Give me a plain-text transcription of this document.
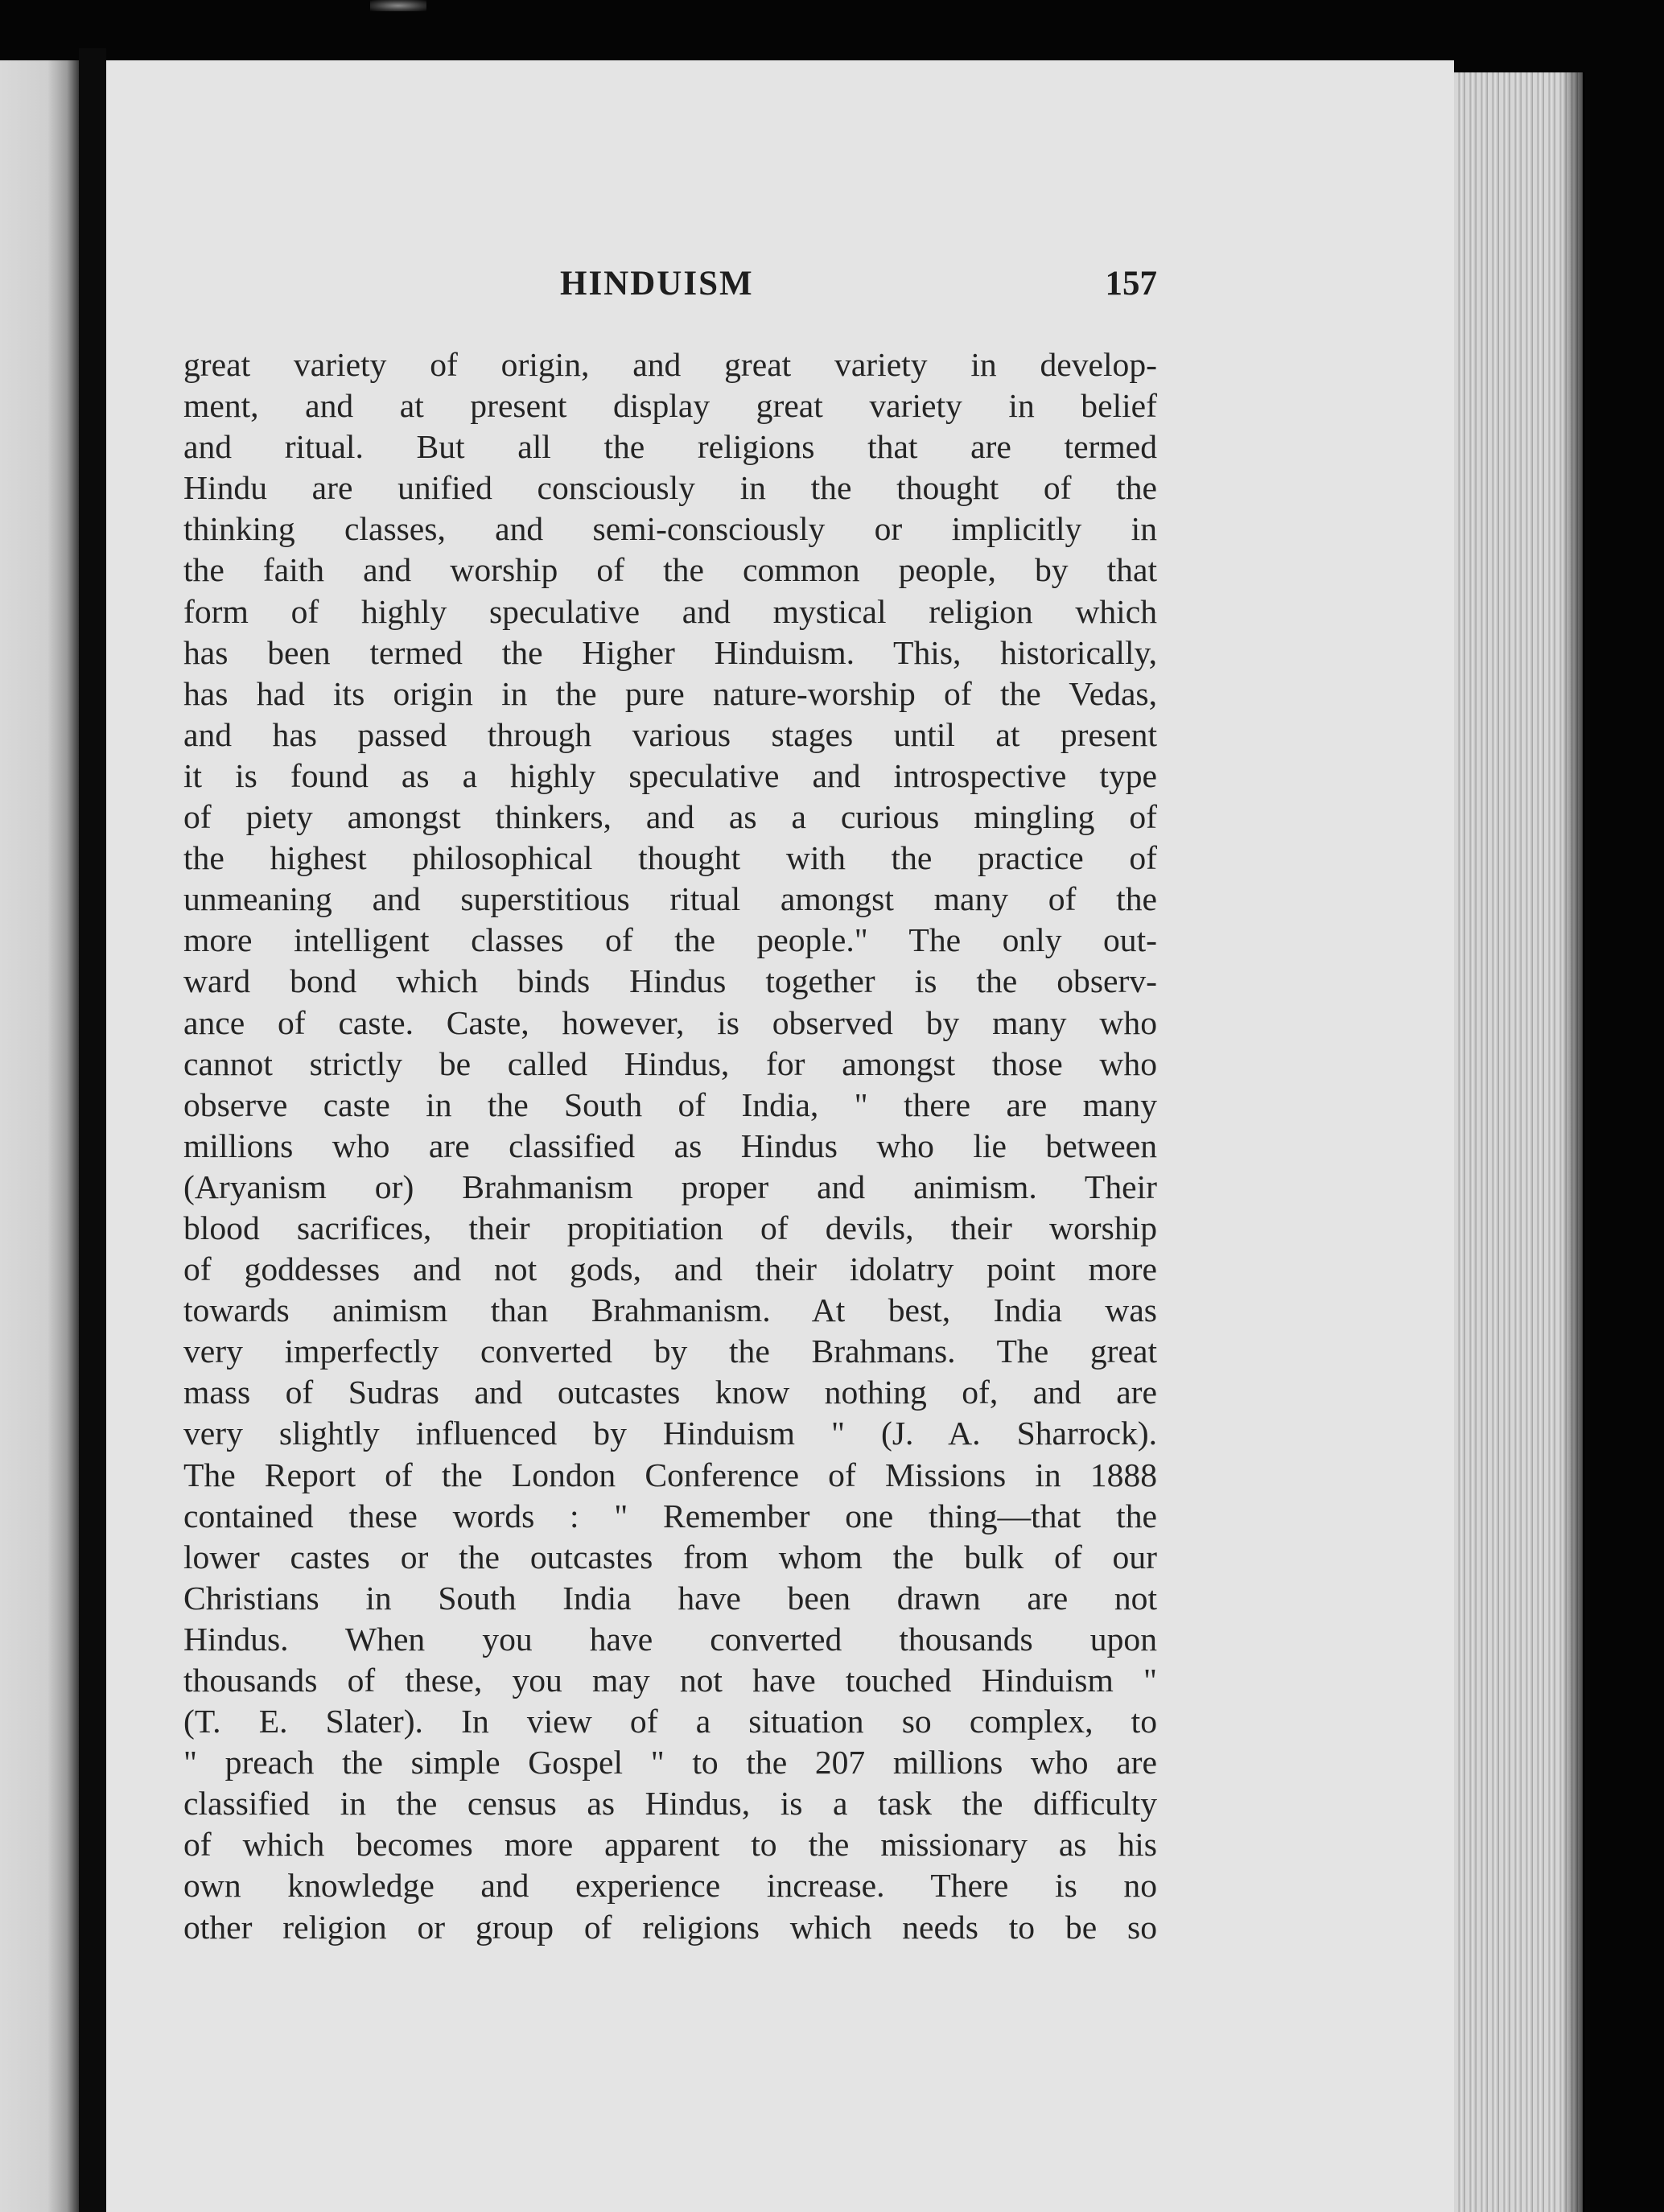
HINDUISM	157
great variety of origin, and great variety in develop-
ment, and at present display great variety in belief
and ritual. But all the religions that are termed
Hindu are unified consciously in the thought of the
thinking classes, and semi-consciously or implicitly in
the faith and worship of the common people, by that
form of highly speculative and mystical religion which
has been termed the Higher Hinduism. This, historically,
has had its origin in the pure nature-worship of the Vedas,
and has passed through various stages until at present
it is found as a highly speculative and introspective type
of piety amongst thinkers, and as a curious mingling of
the highest philosophical thought with the practice of
unmeaning and superstitious ritual amongst many of the
more intelligent classes of the people." The only out-
ward bond which binds Hindus together is the observ-
ance of caste. Caste, however, is observed by many who
cannot strictly be called Hindus, for amongst those who
observe caste in the South of India, " there are many
millions who are classified as Hindus who lie between
(Aryanism or) Brahmanism proper and animism. Their
blood sacrifices, their propitiation of devils, their worship
of goddesses and not gods, and their idolatry point more
towards animism than Brahmanism. At best, India was
very imperfectly converted by the Brahmans. The great
mass of Sudras and outcastes know nothing of, and are
very slightly influenced by Hinduism " (J. A. Sharrock).
The Report of the London Conference of Missions in 1888
contained these words : " Remember one thing—that the
lower castes or the outcastes from whom the bulk of our
Christians in South India have been drawn are not
Hindus. When you have converted thousands upon
thousands of these, you may not have touched Hinduism "
(T. E. Slater). In view of a situation so complex, to
" preach the simple Gospel " to the 207 millions who are
classified in the census as Hindus, is a task the difficulty
of which becomes more apparent to the missionary as his
own knowledge and experience increase. There is no
other religion or group of religions which needs to be so
